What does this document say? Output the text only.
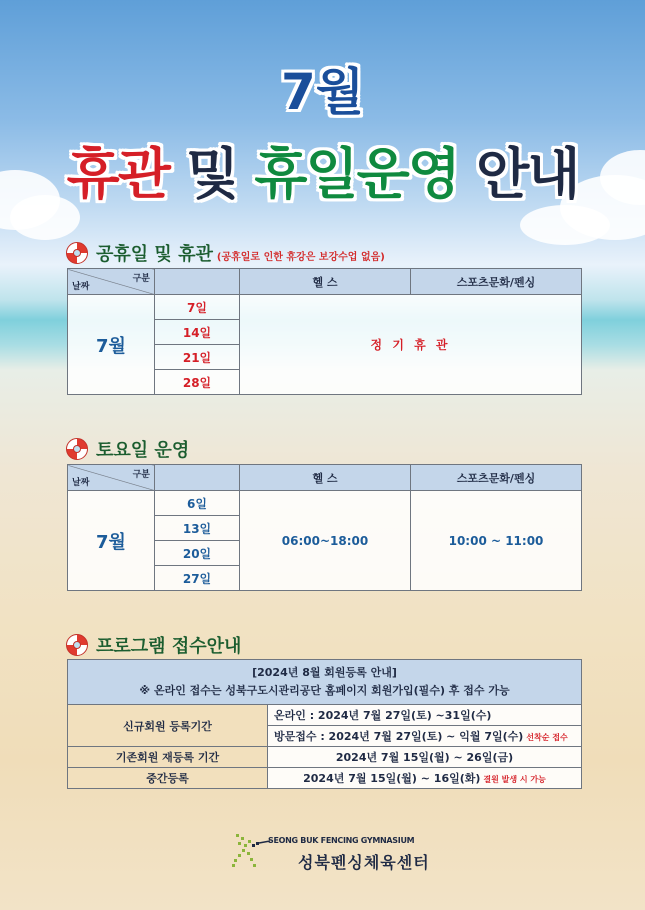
7월
휴관 및 휴일운영 안내
공휴일 및 휴관 (공휴일로 인한 휴강은 보강수업 없음)
구분
날짜		헬 스	스포츠문화/펜싱
7월	7일	정 기 휴 관	
	14일		
	21일		
	28일		
토요일 운영
구분
날짜		헬 스	스포츠문화/펜싱
7월	6일	06:00~18:00	10:00 ~ 11:00
	13일		
	20일		
	27일		
프로그램 접수안내
[2024년 8월 회원등록 안내]
※ 온라인 접수는 성북구도시관리공단 홈페이지 회원가입(필수) 후 접수 가능	

신규회원 등록기간	온라인 : 2024년 7월 27일(토) ~31일(수)
	방문접수 : 2024년 7월 27일(토) ~ 익월 7일(수) 선착순 접수
기존회원 재등록 기간	2024년 7월 15일(월) ~ 26일(금)
중간등록	2024년 7월 15일(월) ~ 16일(화) 결원 발생 시 가능
SEONG BUK FENCING GYMNASIUM
성북펜싱체육센터
